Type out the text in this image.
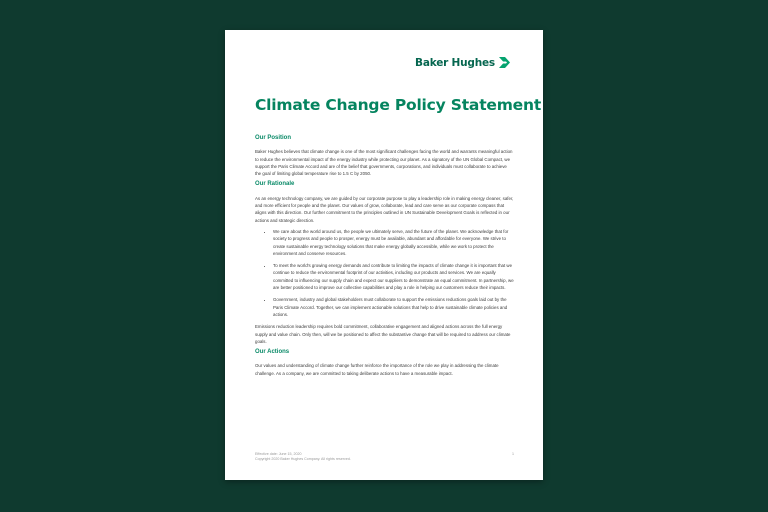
Baker Hughes
Climate Change Policy Statement
Our Position

Baker Hughes believes that climate change is one of the most significant challenges facing the world and warrants meaningful action to reduce the environmental impact of the energy industry while protecting our planet. As a signatory of the UN Global Compact, we support the Paris Climate Accord and are of the belief that governments, corporations, and individuals must collaborate to achieve the goal of limiting global temperature rise to 1.5 C by 2050.

Our Rationale

As an energy technology company, we are guided by our corporate purpose to play a leadership role in making energy cleaner, safer, and more efficient for people and the planet. Our values of grow, collaborate, lead and care serve as our corporate compass that aligns with this direction. Our further commitment to the principles outlined in UN Sustainable Development Goals is reflected in our actions and strategic direction.

• We care about the world around us, the people we ultimately serve, and the future of the planet. We acknowledge that for society to progress and people to prosper, energy must be available, abundant and affordable for everyone. We strive to create sustainable energy technology solutions that make energy globally accessible, while we work to protect the environment and conserve resources.
• To meet the world's growing energy demands and contribute to limiting the impacts of climate change it is important that we continue to reduce the environmental footprint of our activities, including our products and services. We are equally committed to influencing our supply chain and expect our suppliers to demonstrate an equal commitment. In partnership, we are better positioned to improve our collective capabilities and play a role in helping our customers reduce their impacts.
• Government, industry and global stakeholders must collaborate to support the emissions reductions goals laid out by the Paris Climate Accord. Together, we can implement actionable solutions that help to drive sustainable climate policies and actions.

Emissions reduction leadership requires bold commitment, collaborative engagement and aligned actions across the full energy supply and value chain. Only then, will we be positioned to affect the substantive change that will be required to address our climate goals.

Our Actions

Our values and understanding of climate change further reinforce the importance of the role we play in addressing the climate challenge. As a company, we are committed to taking deliberate actions to have a measurable impact.

Effective date: June 15, 2020
Copyright 2020 Baker Hughes Company. All rights reserved.
1
